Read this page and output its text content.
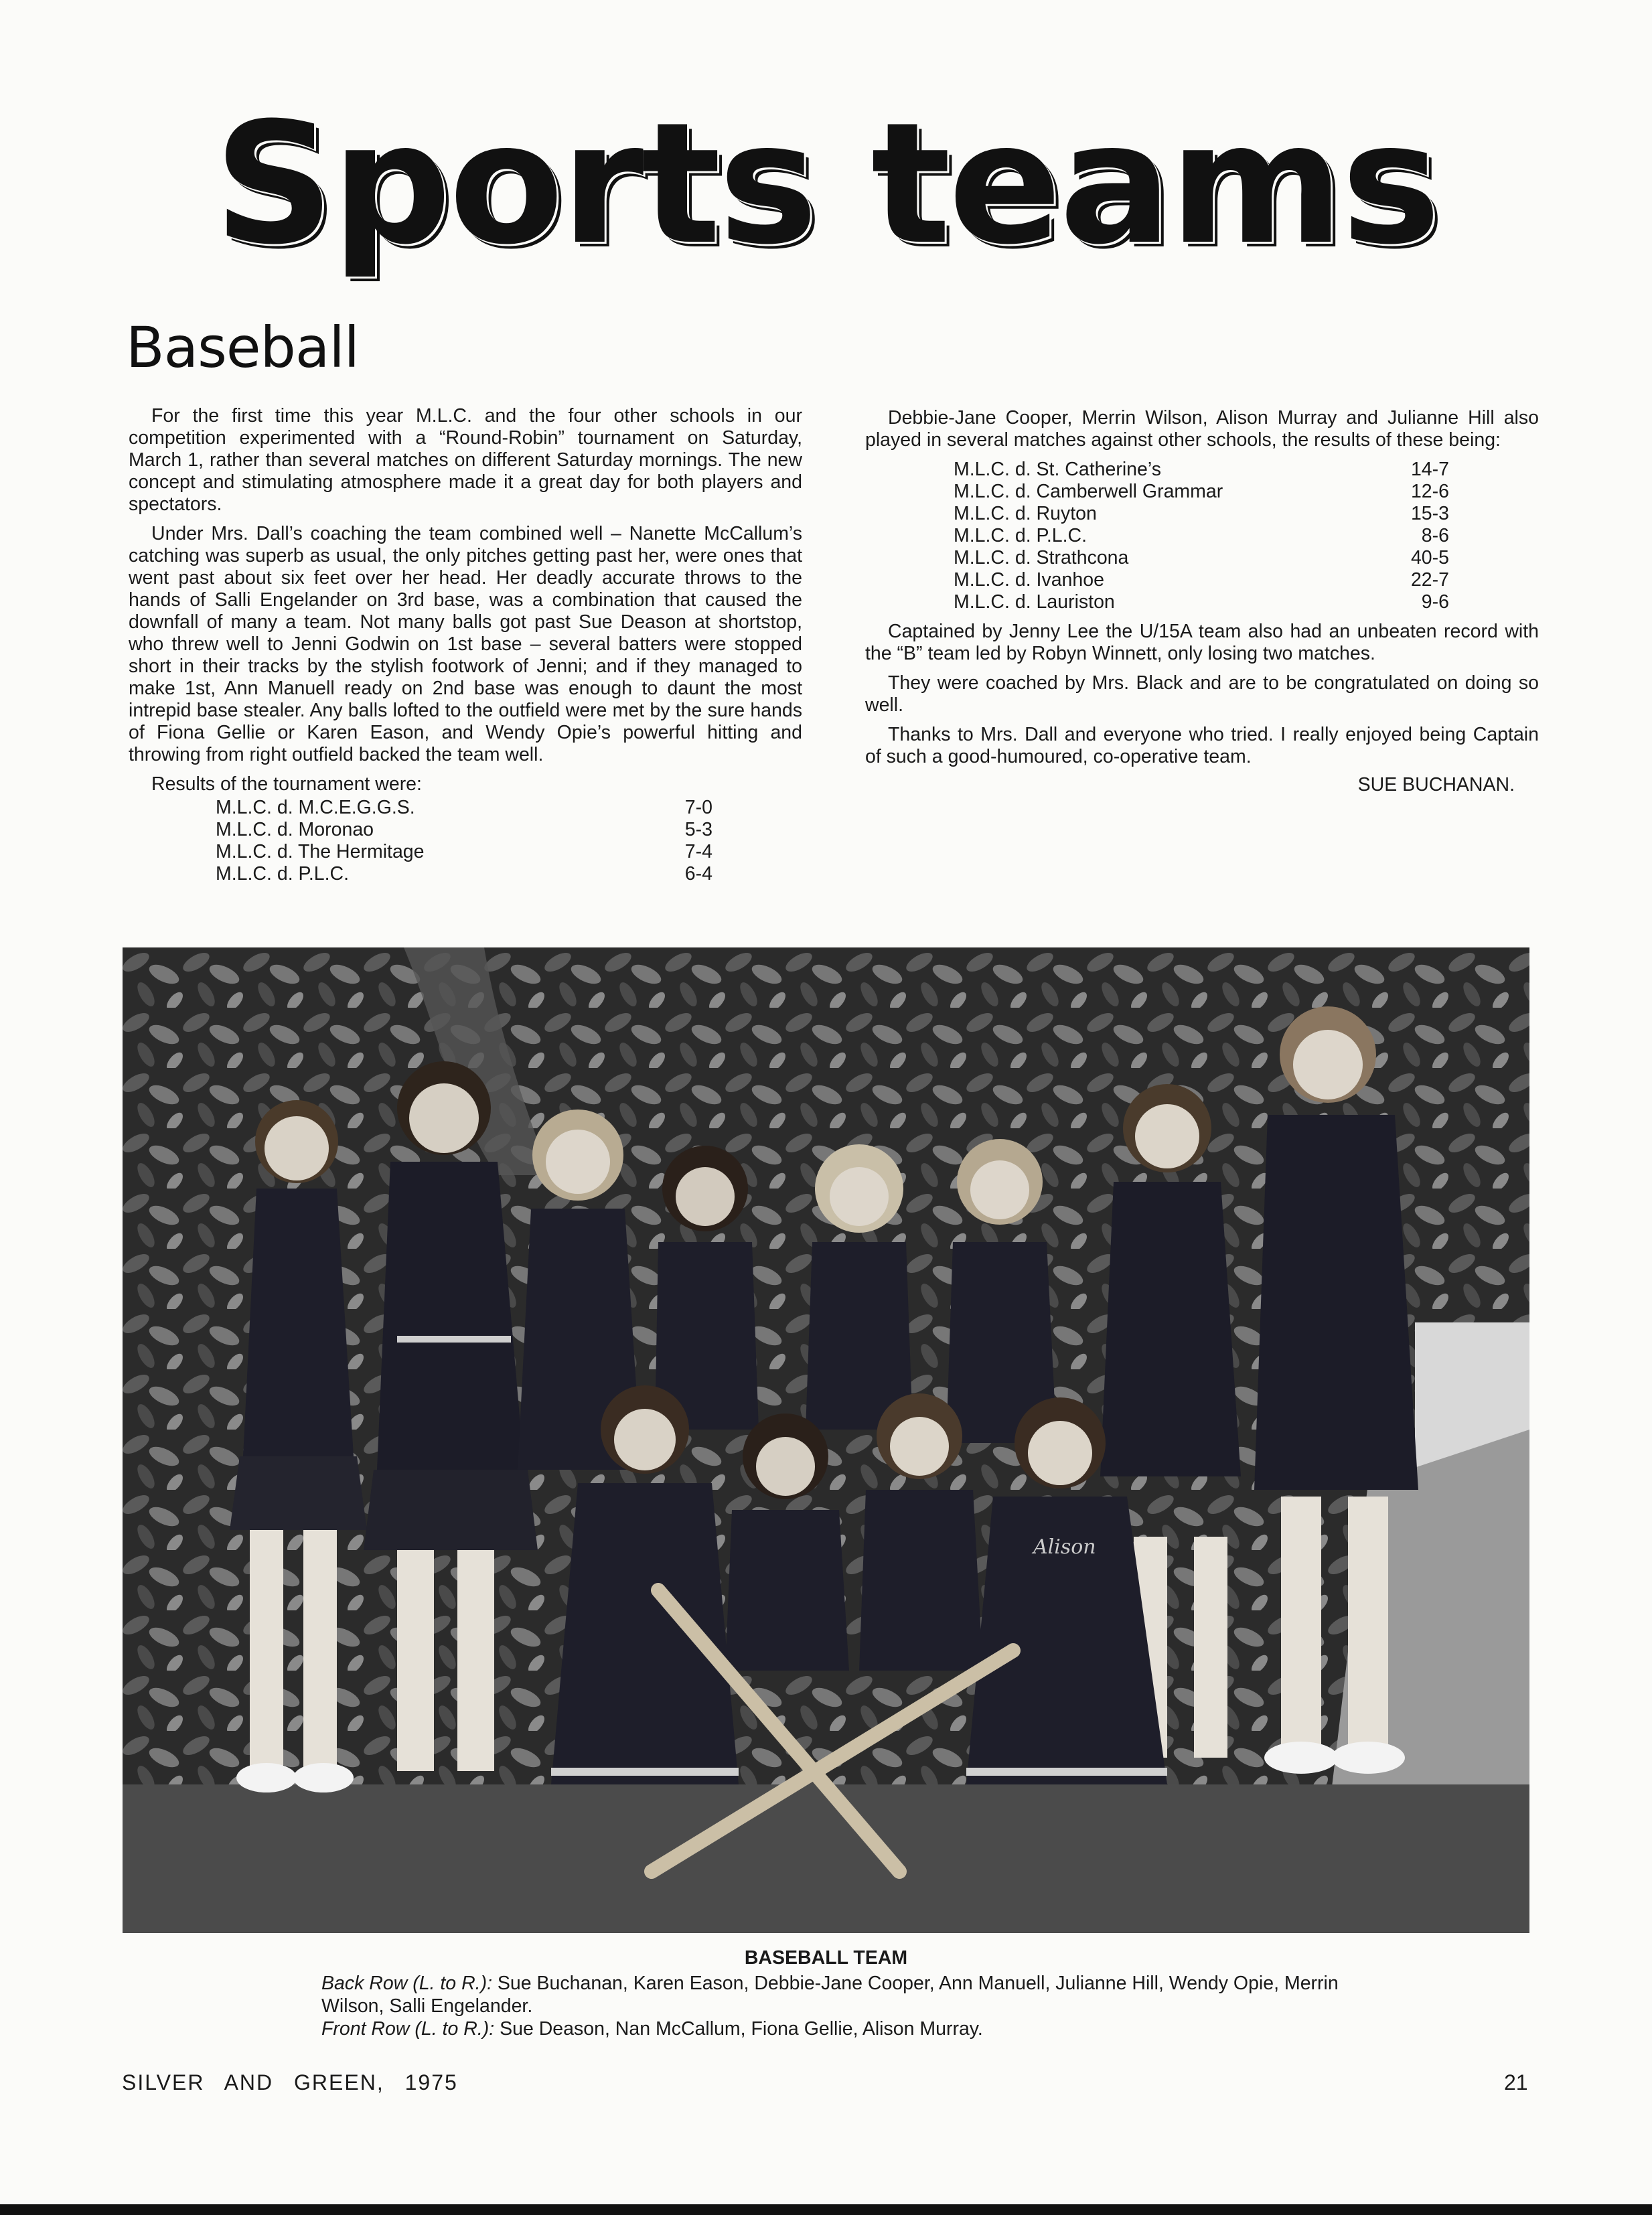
Sports teams
Baseball

For the first time this year M.L.C. and the four other schools in our competition experimented with a “Round-Robin” tournament on Saturday, March 1, rather than several matches on different Saturday mornings. The new concept and stimulating atmosphere made it a great day for both players and spectators.

Under Mrs. Dall’s coaching the team combined well – Nanette McCallum’s catching was superb as usual, the only pitches getting past her, were ones that went past about six feet over her head. Her deadly accurate throws to the hands of Salli Engelander on 3rd base, was a combination that caused the downfall of many a team. Not many balls got past Sue Deason at shortstop, who threw well to Jenni Godwin on 1st base – several batters were stopped short in their tracks by the stylish footwork of Jenni; and if they managed to make 1st, Ann Manuell ready on 2nd base was enough to daunt the most intrepid base stealer. Any balls lofted to the outfield were met by the sure hands of Fiona Gellie or Karen Eason, and Wendy Opie’s powerful hitting and throwing from right outfield backed the team well.

Results of the tournament were:

M.L.C. d. M.C.E.G.G.S.	7-0
M.L.C. d. Moronao	5-3
M.L.C. d. The Hermitage	7-4
M.L.C. d. P.L.C.	6-4

Debbie-Jane Cooper, Merrin Wilson, Alison Murray and Julianne Hill also played in several matches against other schools, the results of these being:

M.L.C. d. St. Catherine’s	14-7
M.L.C. d. Camberwell Grammar	12-6
M.L.C. d. Ruyton	15-3
M.L.C. d. P.L.C.	8-6
M.L.C. d. Strathcona	40-5
M.L.C. d. Ivanhoe	22-7
M.L.C. d. Lauriston	9-6

Captained by Jenny Lee the U/15A team also had an unbeaten record with the “B” team led by Robyn Winnett, only losing two matches.

They were coached by Mrs. Black and are to be congratulated on doing so well.

Thanks to Mrs. Dall and everyone who tried. I really enjoyed being Captain of such a good-humoured, co-operative team.

SUE BUCHANAN.
Alison
BASEBALL TEAM
Back Row (L. to R.): Sue Buchanan, Karen Eason, Debbie-Jane Cooper, Ann Manuell, Julianne Hill, Wendy Opie, Merrin Wilson, Salli Engelander.
Front Row (L. to R.): Sue Deason, Nan McCallum, Fiona Gellie, Alison Murray.
SILVER AND GREEN, 1975	21
